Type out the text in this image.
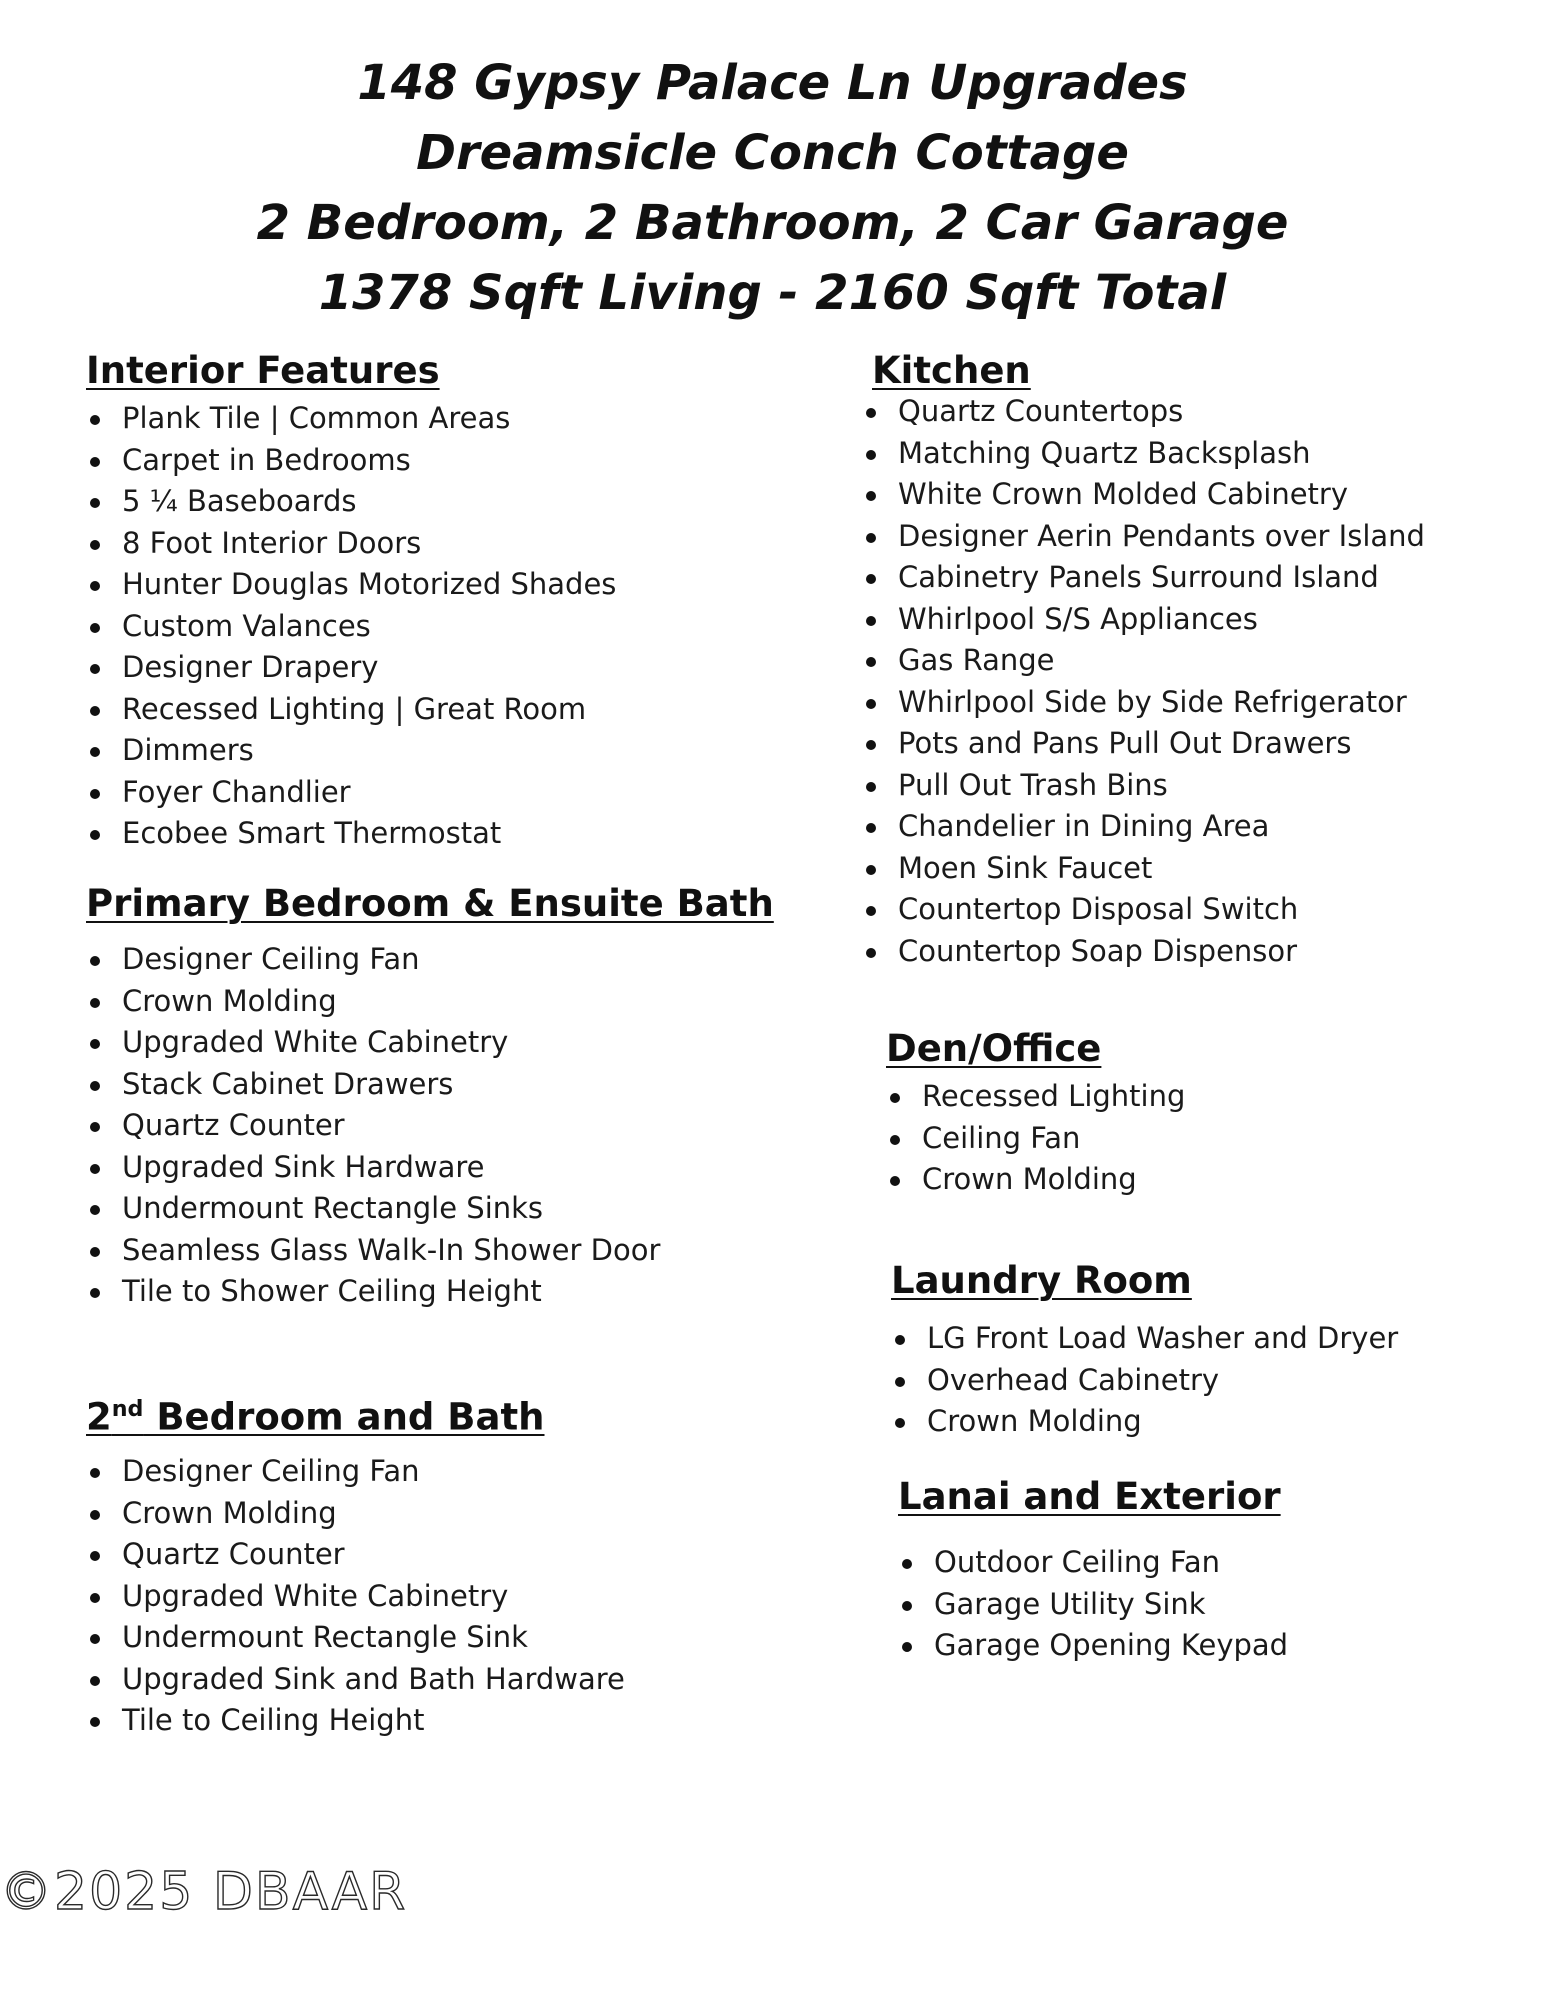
148 Gypsy Palace Ln Upgrades
Dreamsicle Conch Cottage
2 Bedroom, 2 Bathroom, 2 Car Garage
1378 Sqft Living - 2160 Sqft Total
Interior Features
Plank Tile | Common Areas
Carpet in Bedrooms
5 ¼ Baseboards
8 Foot Interior Doors
Hunter Douglas Motorized Shades
Custom Valances
Designer Drapery
Recessed Lighting | Great Room
Dimmers
Foyer Chandlier
Ecobee Smart Thermostat
Primary Bedroom & Ensuite Bath
Designer Ceiling Fan
Crown Molding
Upgraded White Cabinetry
Stack Cabinet Drawers
Quartz Counter
Upgraded Sink Hardware
Undermount Rectangle Sinks
Seamless Glass Walk-In Shower Door
Tile to Shower Ceiling Height
2nd Bedroom and Bath
Designer Ceiling Fan
Crown Molding
Quartz Counter
Upgraded White Cabinetry
Undermount Rectangle Sink
Upgraded Sink and Bath Hardware
Tile to Ceiling Height
Kitchen
Quartz Countertops
Matching Quartz Backsplash
White Crown Molded Cabinetry
Designer Aerin Pendants over Island
Cabinetry Panels Surround Island
Whirlpool S/S Appliances
Gas Range
Whirlpool Side by Side Refrigerator
Pots and Pans Pull Out Drawers
Pull Out Trash Bins
Chandelier in Dining Area
Moen Sink Faucet
Countertop Disposal Switch
Countertop Soap Dispensor
Den/Office
Recessed Lighting
Ceiling Fan
Crown Molding
Laundry Room
LG Front Load Washer and Dryer
Overhead Cabinetry
Crown Molding
Lanai and Exterior
Outdoor Ceiling Fan
Garage Utility Sink
Garage Opening Keypad
©2025 DBAAR
